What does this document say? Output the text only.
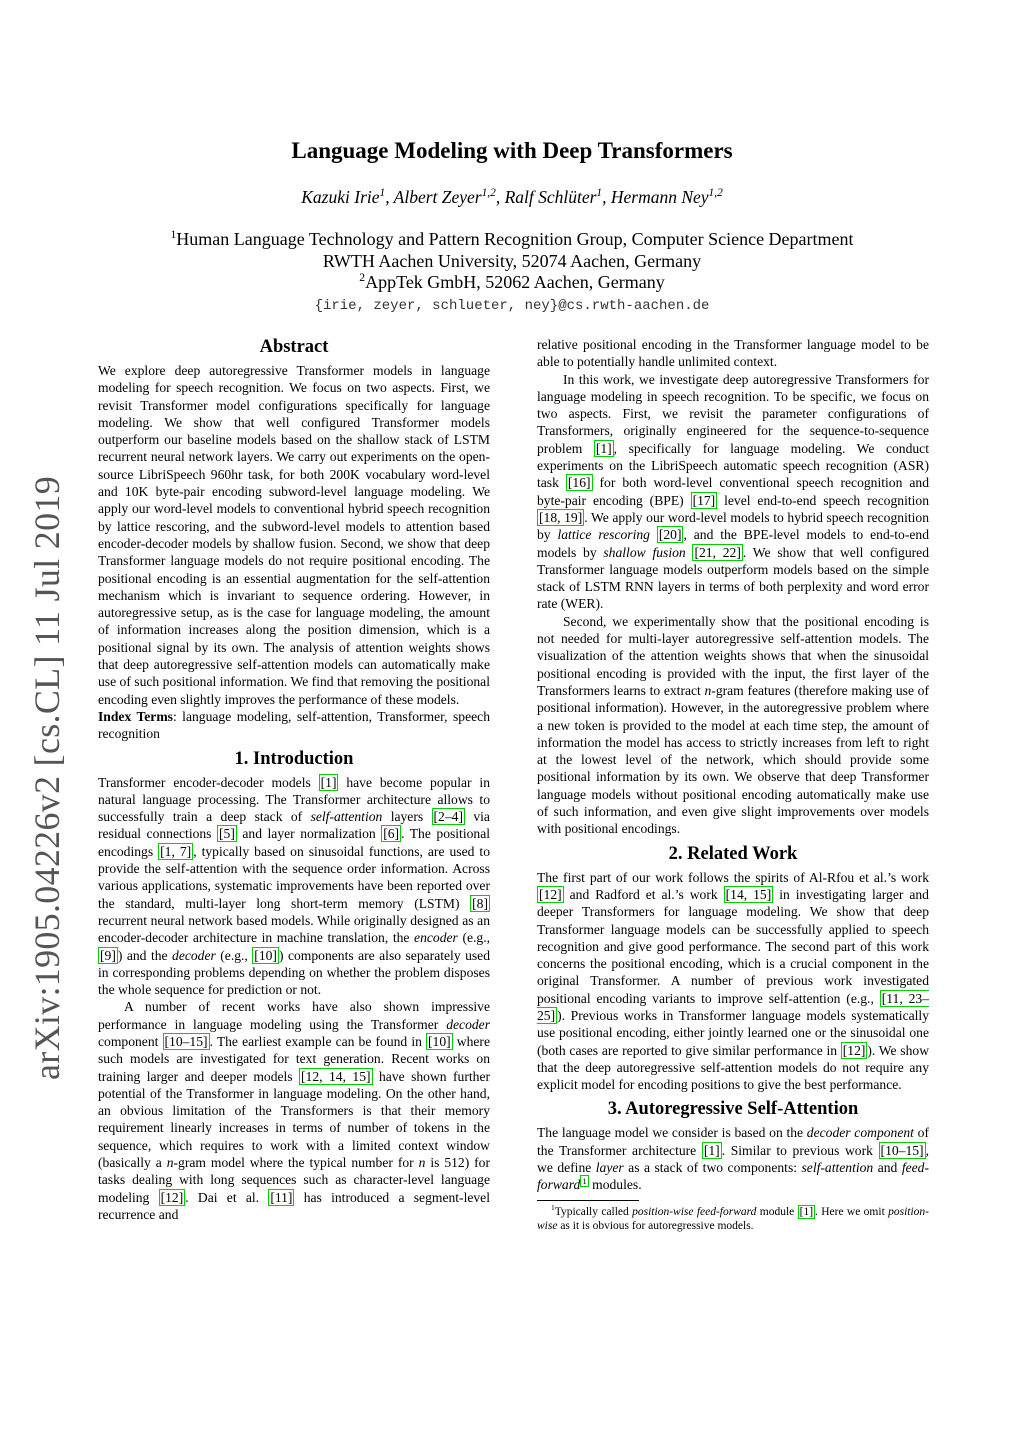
arXiv:1905.04226v2 [cs.CL] 11 Jul 2019
Language Modeling with Deep Transformers
Kazuki Irie$^1$, Albert Zeyer$^{1,2}$, Ralf Schlüter$^1$, Hermann Ney$^{1,2}$
$^1$Human Language Technology and Pattern Recognition Group, Computer Science Department
RWTH Aachen University, 52074 Aachen, Germany
$^2$AppTek GmbH, 52062 Aachen, Germany
{irie, zeyer, schlueter, ney}@cs.rwth-aachen.de
Abstract

We explore deep autoregressive Transformer models in language modeling for speech recognition. We focus on two aspects. First, we revisit Transformer model configurations specifically for language modeling. We show that well configured Transformer models outperform our baseline models based on the shallow stack of LSTM recurrent neural network layers. We carry out experiments on the open-source LibriSpeech 960hr task, for both 200K vocabulary word-level and 10K byte-pair encoding subword-level language modeling. We apply our word-level models to conventional hybrid speech recognition by lattice rescoring, and the subword-level models to attention based encoder-decoder models by shallow fusion. Second, we show that deep Transformer language models do not require positional encoding. The positional encoding is an essential augmentation for the self-attention mechanism which is invariant to sequence ordering. However, in autoregressive setup, as is the case for language modeling, the amount of information increases along the position dimension, which is a positional signal by its own. The analysis of attention weights shows that deep autoregressive self-attention models can automatically make use of such positional information. We find that removing the positional encoding even slightly improves the performance of these models.

Index Terms: language modeling, self-attention, Transformer, speech recognition

1. Introduction

Transformer encoder-decoder models [1] have become popular in natural language processing. The Transformer architecture allows to successfully train a deep stack of self-attention layers [2–4] via residual connections [5] and layer normalization [6] . The positional encodings [1, 7] , typically based on sinusoidal functions, are used to provide the self-attention with the sequence order information. Across various applications, systematic improvements have been reported over the standard, multi-layer long short-term memory (LSTM) [8] recurrent neural network based models. While originally designed as an encoder-decoder architecture in machine translation, the encoder (e.g., [9] ) and the decoder (e.g., [10] ) components are also separately used in corresponding problems depending on whether the problem disposes the whole sequence for prediction or not.

A number of recent works have also shown impressive performance in language modeling using the Transformer decoder component [10–15] . The earliest example can be found in [10] where such models are investigated for text generation. Recent works on training larger and deeper models [12, 14, 15] have shown further potential of the Transformer in language modeling. On the other hand, an obvious limitation of the Transformers is that their memory requirement linearly increases in terms of number of tokens in the sequence, which requires to work with a limited context window (basically a n-gram model where the typical number for n is 512) for tasks dealing with long sequences such as character-level language modeling [12] . Dai et al. [11] has introduced a segment-level recurrence and

relative positional encoding in the Transformer language model to be able to potentially handle unlimited context.

In this work, we investigate deep autoregressive Transformers for language modeling in speech recognition. To be specific, we focus on two aspects. First, we revisit the parameter configurations of Transformers, originally engineered for the sequence-to-sequence problem [1] , specifically for language modeling. We conduct experiments on the LibriSpeech automatic speech recognition (ASR) task [16] for both word-level conventional speech recognition and byte-pair encoding (BPE) [17] level end-to-end speech recognition [18, 19] . We apply our word-level models to hybrid speech recognition by lattice rescoring [20] , and the BPE-level models to end-to-end models by shallow fusion [21, 22] . We show that well configured Transformer language models outperform models based on the simple stack of LSTM RNN layers in terms of both perplexity and word error rate (WER).

Second, we experimentally show that the positional encoding is not needed for multi-layer autoregressive self-attention models. The visualization of the attention weights shows that when the sinusoidal positional encoding is provided with the input, the first layer of the Transformers learns to extract n-gram features (therefore making use of positional information). However, in the autoregressive problem where a new token is provided to the model at each time step, the amount of information the model has access to strictly increases from left to right at the lowest level of the network, which should provide some positional information by its own. We observe that deep Transformer language models without positional encoding automatically make use of such information, and even give slight improvements over models with positional encodings.

2. Related Work

The first part of our work follows the spirits of Al-Rfou et al.’s work [12] and Radford et al.’s work [14, 15] in investigating larger and deeper Transformers for language modeling. We show that deep Transformer language models can be successfully applied to speech recognition and give good performance. The second part of this work concerns the positional encoding, which is a crucial component in the original Transformer. A number of previous work investigated positional encoding variants to improve self-attention (e.g., [11, 23–25] ). Previous works in Transformer language models systematically use positional encoding, either jointly learned one or the sinusoidal one (both cases are reported to give similar performance in [12] ). We show that the deep autoregressive self-attention models do not require any explicit model for encoding positions to give the best performance.

3. Autoregressive Self-Attention

The language model we consider is based on the decoder component of the Transformer architecture [1] . Similar to previous work [10–15] , we define layer as a stack of two components: self-attention and feed-forward $^1$ modules.

$^1$Typically called position-wise feed-forward module [1] . Here we omit position-wise as it is obvious for autoregressive models.
